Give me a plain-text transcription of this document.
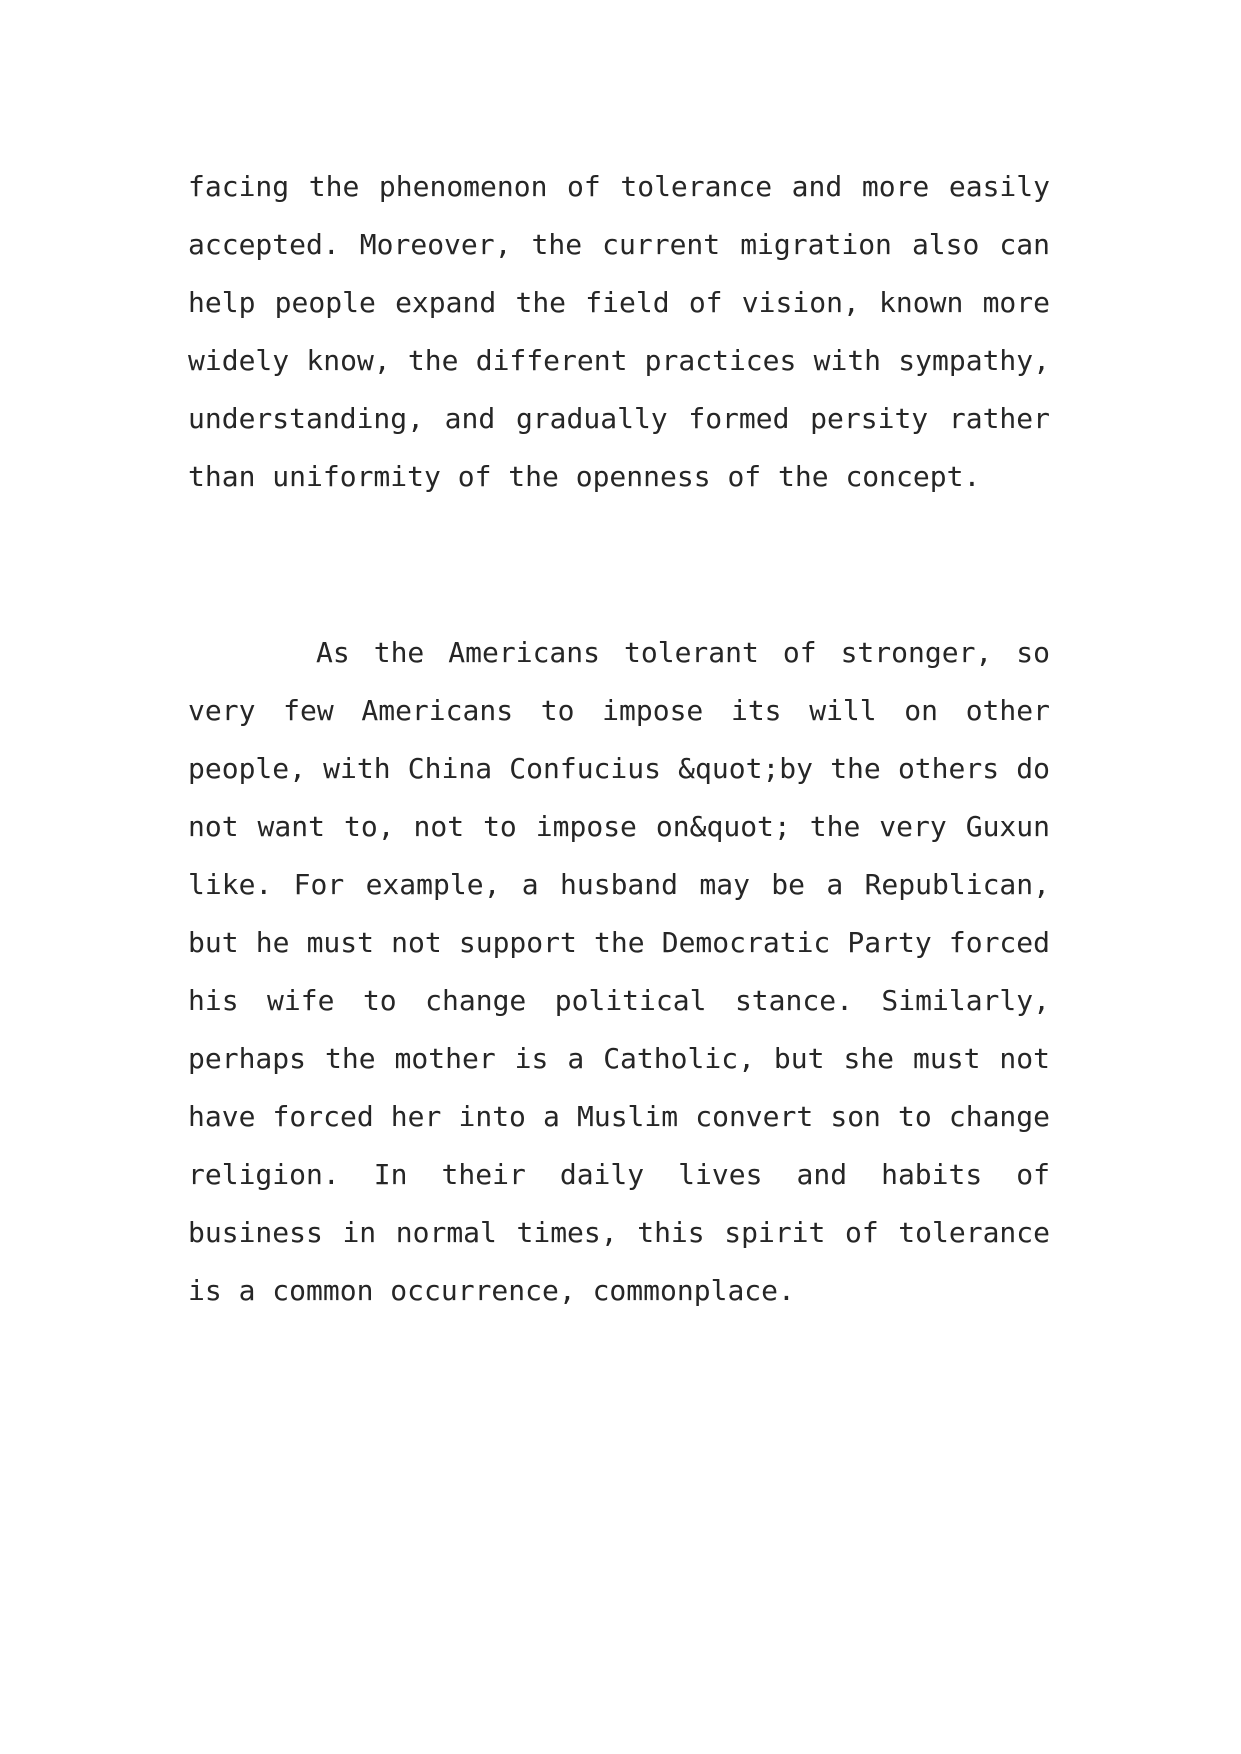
facing the phenomenon of tolerance and more easily
accepted. Moreover, the current migration also can
help people expand the field of vision, known more
widely know, the different practices with sympathy,
understanding, and gradually formed persity rather
than uniformity of the openness of the concept.
As the Americans tolerant of stronger, so
very few Americans to impose its will on other
people, with China Confucius &quot;by the others do
not want to, not to impose on&quot; the very Guxun
like. For example, a husband may be a Republican,
but he must not support the Democratic Party forced
his wife to change political stance. Similarly,
perhaps the mother is a Catholic, but she must not
have forced her into a Muslim convert son to change
religion. In their daily lives and habits of
business in normal times, this spirit of tolerance
is a common occurrence, commonplace.
